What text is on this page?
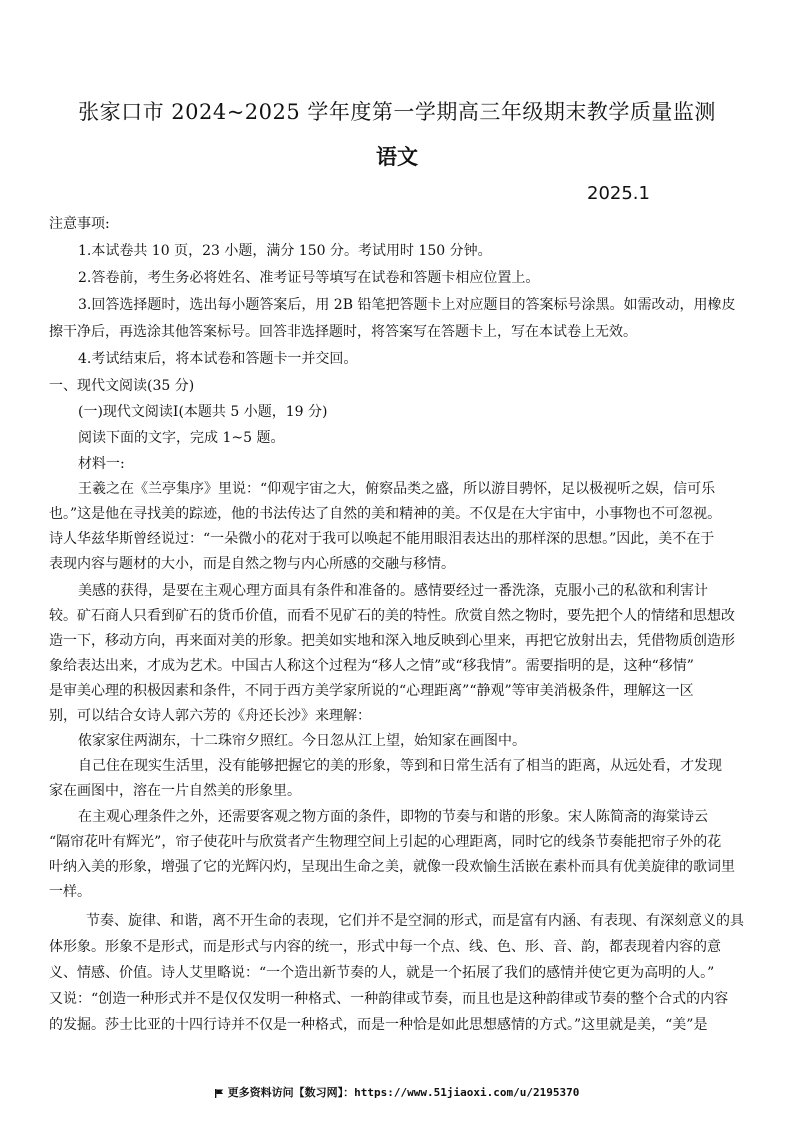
张家口市 2024~2025 学年度第一学期高三年级期末教学质量监测
语文
2025.1
注意事项:
1.本试卷共 10 页，23 小题，满分 150 分。考试用时 150 分钟。
2.答卷前，考生务必将姓名、准考证号等填写在试卷和答题卡相应位置上。
3.回答选择题时，选出每小题答案后，用 2B 铅笔把答题卡上对应题目的答案标号涂黑。如需改动，用橡皮
擦干净后，再选涂其他答案标号。回答非选择题时，将答案写在答题卡上，写在本试卷上无效。
4.考试结束后，将本试卷和答题卡一并交回。
一、现代文阅读(35 分)
(一)现代文阅读Ⅰ(本题共 5 小题，19 分)
阅读下面的文字，完成 1~5 题。
材料一:
王羲之在《兰亭集序》里说：“仰观宇宙之大，俯察品类之盛，所以游目骋怀，足以极视听之娱，信可乐
也。”这是他在寻找美的踪迹，他的书法传达了自然的美和精神的美。不仅是在大宇宙中，小事物也不可忽视。
诗人华兹华斯曾经说过：“一朵微小的花对于我可以唤起不能用眼泪表达出的那样深的思想。”因此，美不在于
表现内容与题材的大小，而是自然之物与内心所感的交融与移情。
美感的获得，是要在主观心理方面具有条件和准备的。感情要经过一番洗涤，克服小己的私欲和利害计
较。矿石商人只看到矿石的货币价值，而看不见矿石的美的特性。欣赏自然之物时，要先把个人的情绪和思想改
造一下，移动方向，再来面对美的形象。把美如实地和深入地反映到心里来，再把它放射出去，凭借物质创造形
象给表达出来，才成为艺术。中国古人称这个过程为“移人之情”或“移我情”。需要指明的是，这种“移情”
是审美心理的积极因素和条件，不同于西方美学家所说的“心理距离”“静观”等审美消极条件，理解这一区
别，可以结合女诗人郭六芳的《舟还长沙》来理解：
侬家家住两湖东，十二珠帘夕照红。今日忽从江上望，始知家在画图中。
自己住在现实生活里，没有能够把握它的美的形象，等到和日常生活有了相当的距离，从远处看，才发现
家在画图中，溶在一片自然美的形象里。
在主观心理条件之外，还需要客观之物方面的条件，即物的节奏与和谐的形象。宋人陈简斋的海棠诗云
“隔帘花叶有辉光”，帘子使花叶与欣赏者产生物理空间上引起的心理距离，同时它的线条节奏能把帘子外的花
叶纳入美的形象，增强了它的光辉闪灼，呈现出生命之美，就像一段欢愉生活嵌在素朴而具有优美旋律的歌词里
一样。
节奏、旋律、和谐，离不开生命的表现，它们并不是空洞的形式，而是富有内涵、有表现、有深刻意义的具
体形象。形象不是形式，而是形式与内容的统一，形式中每一个点、线、色、形、音、韵，都表现着内容的意
义、情感、价值。诗人艾里略说：“一个造出新节奏的人，就是一个拓展了我们的感情并使它更为高明的人。”
又说：“创造一种形式并不是仅仅发明一种格式、一种韵律或节奏，而且也是这种韵律或节奏的整个合式的内容
的发掘。莎士比亚的十四行诗并不仅是一种格式，而是一种恰是如此思想感情的方式。”这里就是美，“美”是
更多资料访问【数习网】：https://www.51jiaoxi.com/u/2195370
